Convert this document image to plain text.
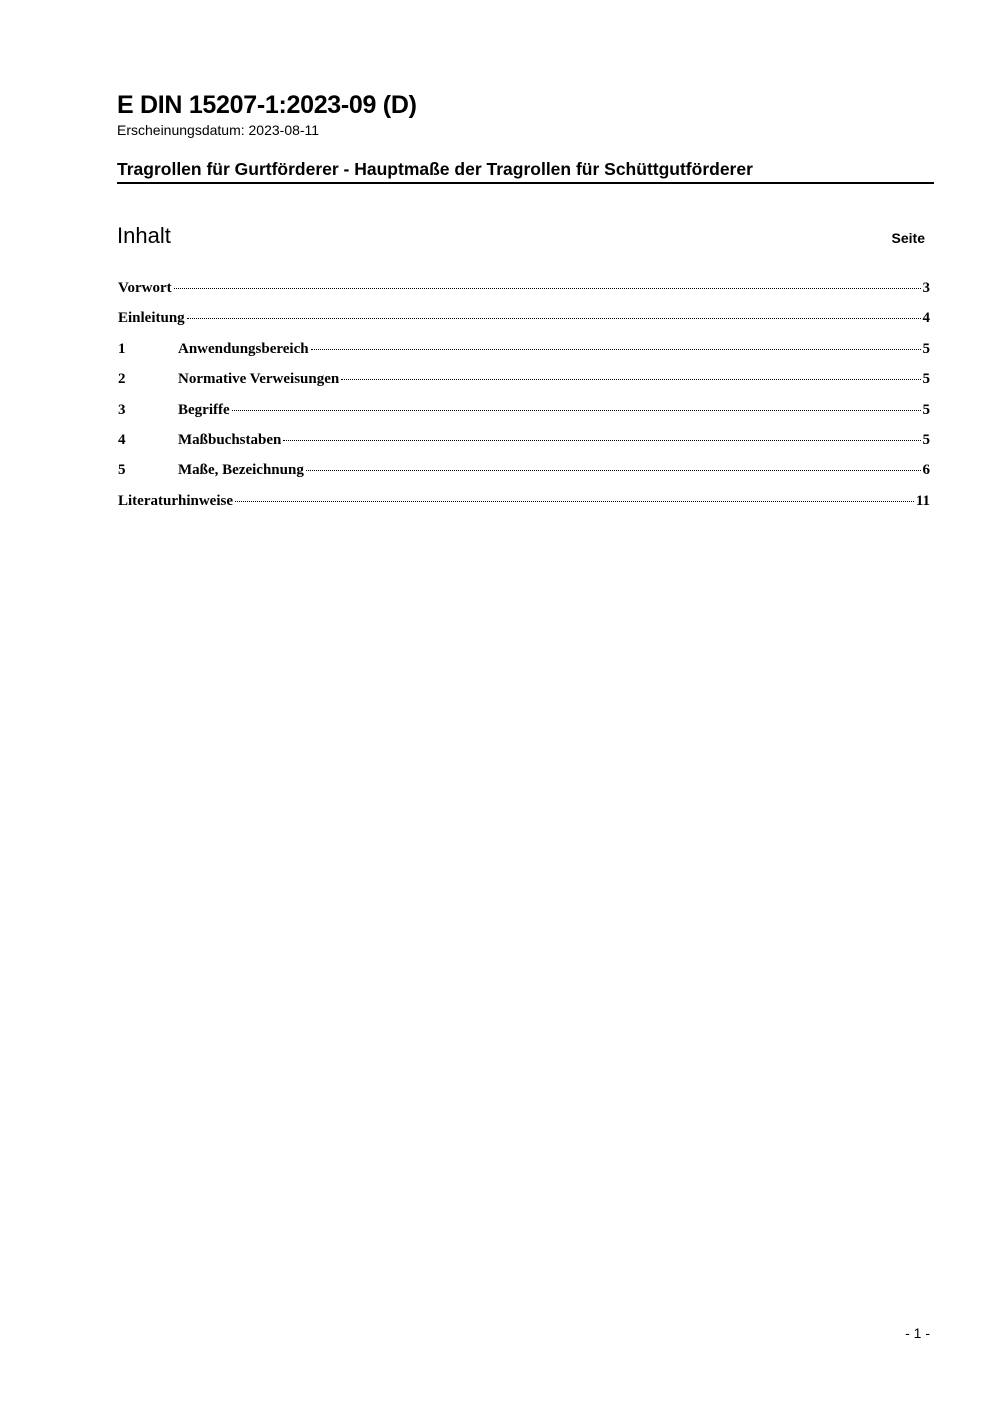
E DIN 15207-1:2023-09 (D)
Erscheinungsdatum: 2023-08-11
Tragrollen für Gurtförderer - Hauptmaße der Tragrollen für Schüttgutförderer
Inhalt	Seite
Vorwort	3
Einleitung	4
1	Anwendungsbereich	5
2	Normative Verweisungen	5
3	Begriffe	5
4	Maßbuchstaben	5
5	Maße, Bezeichnung	6
Literaturhinweise	11
- 1 -
